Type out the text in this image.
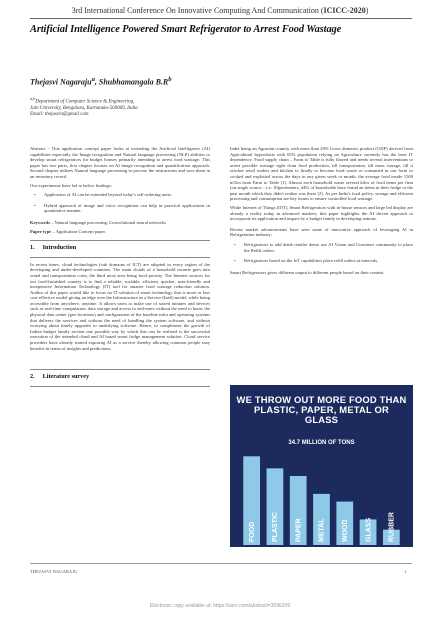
3rd International Conference On Innovative Computing And Communication (ICICC-2020)
Artificial Intelligence Powered Smart Refrigerator to Arrest Food Wastage
Thejasvi Nagaraju$^a$, Shubhamangala $B.R^b$
$^{a,b}$Department of Computer Science & Engineering,
Jain University, Bengaluru, Karnataka-560069, India
Email: thejasvin@gmail.com

Abstract - This application concept paper looks at extending the Artificial Intelligence (AI) capabilities especially the Image recognition and Natural language processing (NLP) abilities to develop smart refrigerators for budget houses primarily intending to arrest food wastage. This paper has two parts, first chapter focuses on AI image recognition and quantification approach. Second chapter utilizes Natural language processing to process the instructions and save them in an inventory record.

Our experiments have led to below findings:

• Application of AI can be extended beyond today's self-ordering units.
• Hybrid approach of image and voice recognition can help in practical applications in quantitative manner.

Keywords – Natural language processing, Convolutional neural networks

Paper type – Application Concept paper.

1. Introduction

In recent times, cloud technologies (sub domains of ICT) are adopted in every region of the developing and under-developed countries. The main clouds of a household income goes into rental and transportation costs, the third most area being food priority. The Internet sources for our food-furnished country is to find a reliable, scalable, efficient, quicker, user-friendly and inexpensive Information Technology (IT) tool for smarter food wastage reduction solution. Author of this paper would like to focus on IT solution of smart technology that is more or less cost-effective model giving an edge over the Infrastructure as a Service (IaaS) model, while being accessible from anywhere, anytime. It allows users to make use of stored minutes and devices such as real-time computation, data storage and access to end-users without the need to know the physical data center (geo-locations) and configuration of the baseline infra and operating systems that delivers the services and without the need of handling the system software, and without worrying about timely upgrades to underlying software. Hence, to compliment the growth of Indian budget family section one possible way by which this can be realized is the successful execution of the intended cloud and AI based smart fridge management solution. Cloud service providers have already started exposing AI as a service thereby allowing common people may benefits in terms of insights and predictions.

2. Literature survey

India being an Agrarian country with more than 20% Gross domestic product (GDP) derived from Agricultural byproducts with 65% population relying on Agriculture currently has the least IT dependency. Food supply chain – Farm to Table is fully flawed and needs several interventions to arrest possible wastage right from food production, till transportation, till mass storage, till it reaches retail outlets and kitchen to finally to become food waste or consumed in our form or cooked and exploited across the days in any given week or month, the average food inside 1500 mTon from Farm to Table [1]. Almost each household waste several kilos of food items per firm (on single source – i.e. 10)perimeters, 44% of households have found an items in their fridge or the past month which they didn't realize was there [2]. As per India's food policy, storage and efficient processing and consumption are key issues to ensure controlled food wastage.

While Internet of Things (IOT), Smart Refrigerators with in-house sensors and large led display are already a reality today in advanced markets, this paper highlights the AI driven approach to incorporate its application and impact by a budget family in developing nations.

Recent market advancements have seen some of innovative approach of leveraging AI in Refrigeration industry:

• Refrigerators to add drink retailer demo use AI Vision and Customer community to place the Refill orders.
• Refrigerators based on the IoT capabilities place refill orders at intervals.

Smart Refrigerators gives different output to different people based on their context.

WE THROW OUT MORE FOOD THAN PLASTIC, PAPER, METAL OR GLASS
34.7 MILLION OF TONS
FOOD PLASTIC PAPER METAL WOOD GLASS RUBBER
THEJASVI NAGARAJU	1
Electronic copy available at: https://ssrn.com/abstract=3596209
